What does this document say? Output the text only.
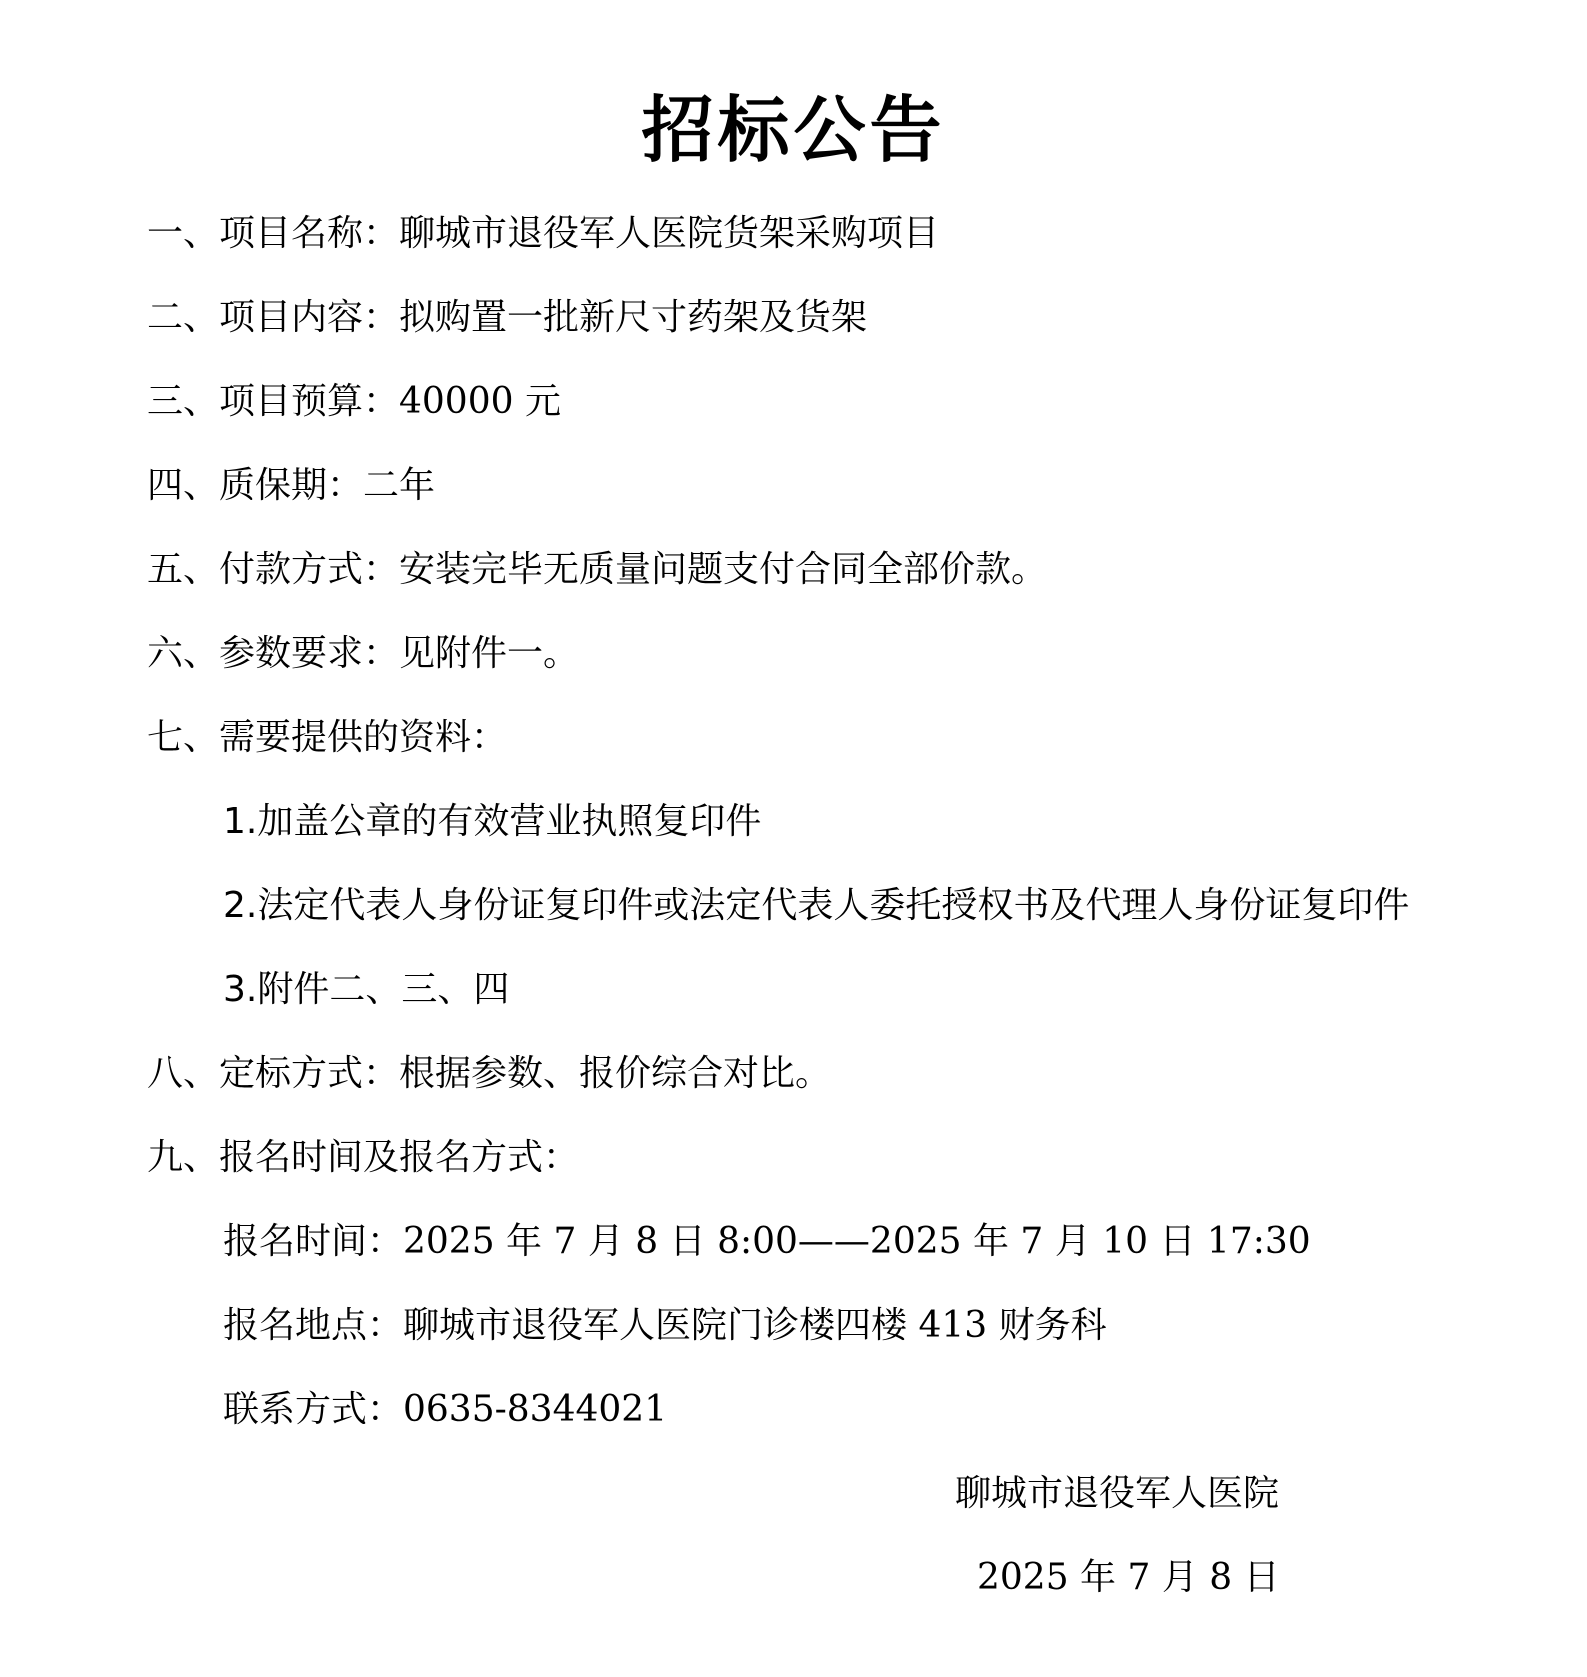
招标公告
一、项目名称：聊城市退役军人医院货架采购项目
二、项目内容：拟购置一批新尺寸药架及货架
三、项目预算：40000 元
四、质保期：二年
五、付款方式：安装完毕无质量问题支付合同全部价款。
六、参数要求：见附件一。
七、需要提供的资料：
1.加盖公章的有效营业执照复印件
2.法定代表人身份证复印件或法定代表人委托授权书及代理人身份证复印件
3.附件二、三、四
八、定标方式：根据参数、报价综合对比。
九、报名时间及报名方式：
报名时间：2025 年 7 月 8 日 8:00——2025 年 7 月 10 日 17:30
报名地点：聊城市退役军人医院门诊楼四楼 413 财务科
联系方式：0635-8344021
聊城市退役军人医院
2025 年 7 月 8 日
